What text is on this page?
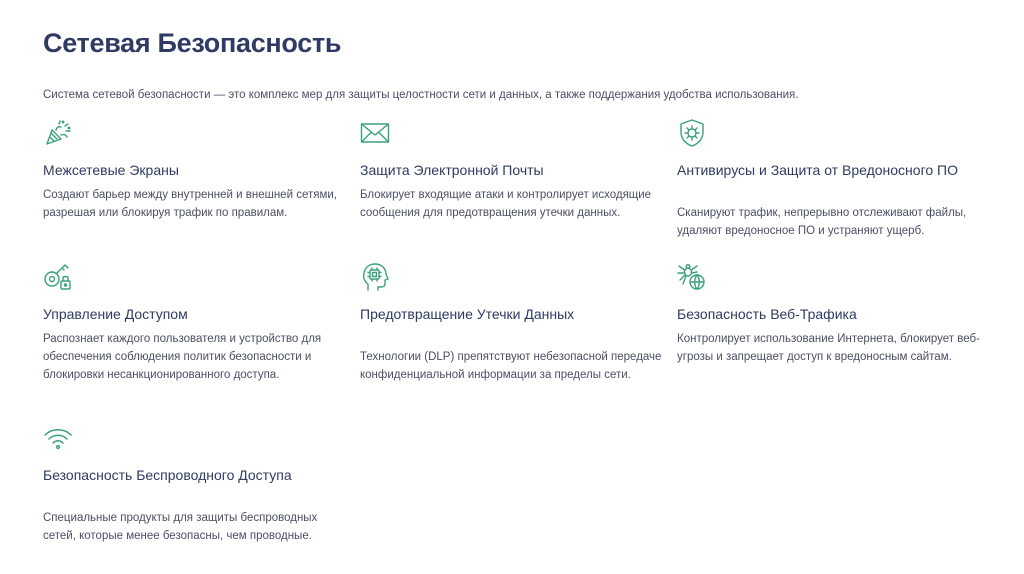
Сетевая Безопасность
Система сетевой безопасности — это комплекс мер для защиты целостности сети и данных, а также поддержания удобства использования.
Межсетевые Экраны
Создают барьер между внутренней и внешней сетями, разрешая или блокируя трафик по правилам.
Защита Электронной Почты
Блокирует входящие атаки и контролирует исходящие сообщения для предотвращения утечки данных.
Антивирусы и Защита от Вредоносного ПО
Сканируют трафик, непрерывно отслеживают файлы, удаляют вредоносное ПО и устраняют ущерб.
Управление Доступом
Распознает каждого пользователя и устройство для обеспечения соблюдения политик безопасности и блокировки несанкционированного доступа.
Предотвращение Утечки Данных
Технологии (DLP) препятствуют небезопасной передаче конфиденциальной информации за пределы сети.
Безопасность Веб-Трафика
Контролирует использование Интернета, блокирует веб-угрозы и запрещает доступ к вредоносным сайтам.
Безопасность Беспроводного Доступа
Специальные продукты для защиты беспроводных сетей, которые менее безопасны, чем проводные.
